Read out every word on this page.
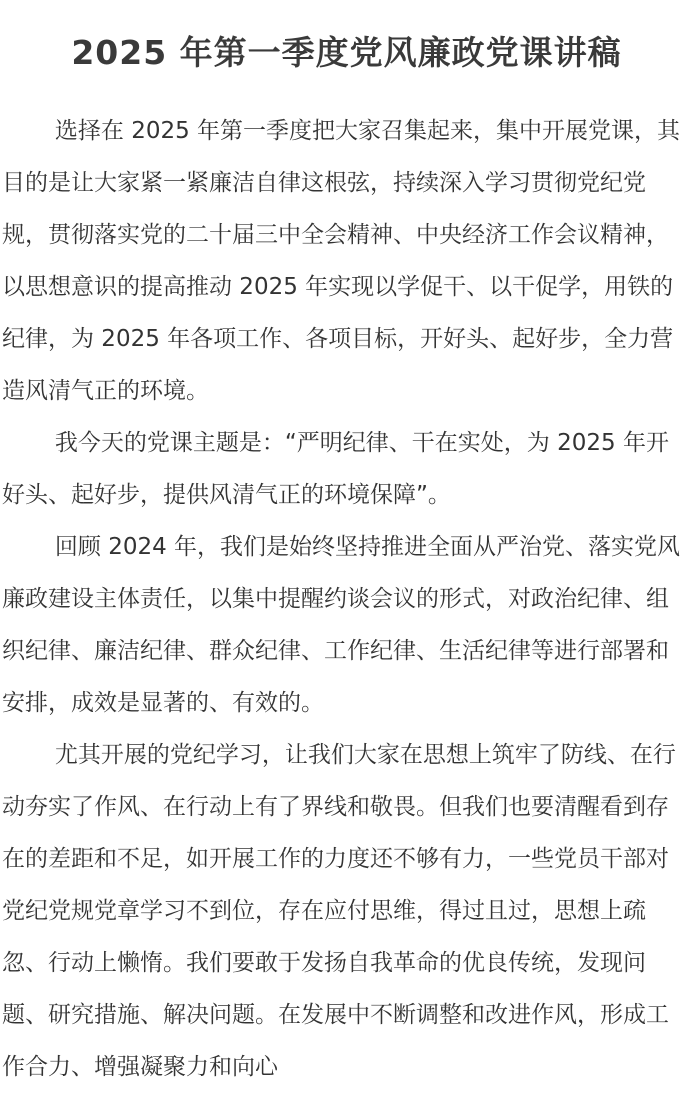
2025 年第一季度党风廉政党课讲稿

选择在 2025 年第一季度把大家召集起来，集中开展党课，其目的是让大家紧一紧廉洁自律这根弦，持续深入学习贯彻党纪党规，贯彻落实党的二十届三中全会精神、中央经济工作会议精神，以思想意识的提高推动 2025 年实现以学促干、以干促学，用铁的纪律，为 2025 年各项工作、各项目标，开好头、起好步，全力营造风清气正的环境。

我今天的党课主题是：“严明纪律、干在实处，为 2025 年开好头、起好步，提供风清气正的环境保障”。

回顾 2024 年，我们是始终坚持推进全面从严治党、落实党风廉政建设主体责任，以集中提醒约谈会议的形式，对政治纪律、组织纪律、廉洁纪律、群众纪律、工作纪律、生活纪律等进行部署和安排，成效是显著的、有效的。

尤其开展的党纪学习，让我们大家在思想上筑牢了防线、在行动夯实了作风、在行动上有了界线和敬畏。但我们也要清醒看到存在的差距和不足，如开展工作的力度还不够有力，一些党员干部对党纪党规党章学习不到位，存在应付思维，得过且过，思想上疏忽、行动上懒惰。我们要敢于发扬自我革命的优良传统，发现问题、研究措施、解决问题。在发展中不断调整和改进作风，形成工作合力、增强凝聚力和向心
